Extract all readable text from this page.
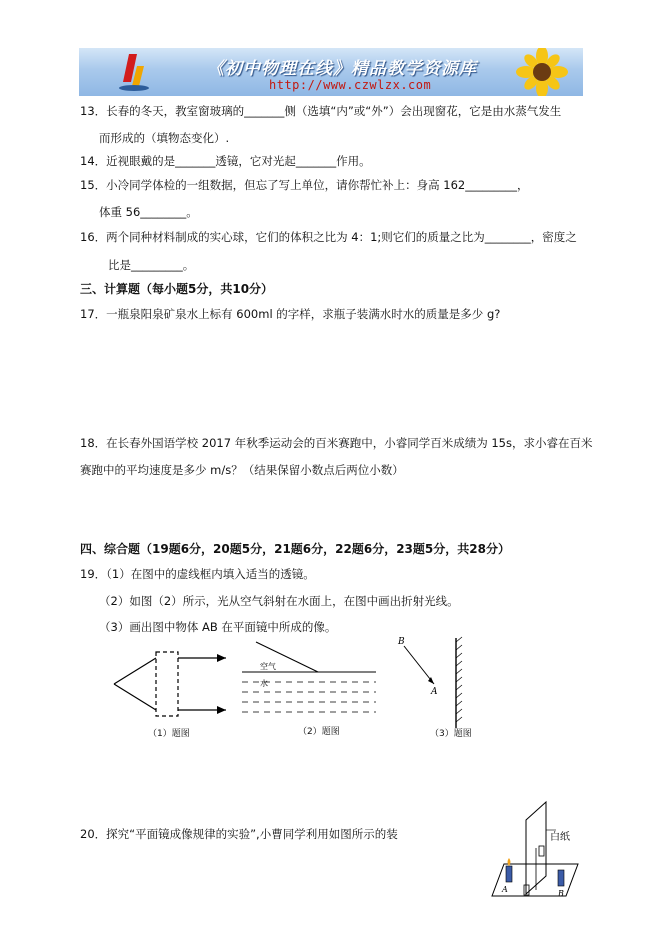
《初中物理在线》精品教学资源库
http://www.czwlzx.com
13．长春的冬天，教室窗玻璃的_______侧（选填“内”或“外”）会出现窗花，它是由水蒸气发生
而形成的（填物态变化）.
14．近视眼戴的是_______透镜，它对光起_______作用。
15．小冷同学体检的一组数据，但忘了写上单位，请你帮忙补上：身高 162_________，
体重 56________。
16．两个同种材料制成的实心球，它们的体积之比为 4：1;则它们的质量之比为________，密度之
比是_________。
三、计算题（每小题5分，共10分）
17．一瓶泉阳泉矿泉水上标有 600ml 的字样，求瓶子装满水时水的质量是多少 g?
18．在长春外国语学校 2017 年秋季运动会的百米赛跑中，小睿同学百米成绩为 15s，求小睿在百米
赛跑中的平均速度是多少 m/s？（结果保留小数点后两位小数）
四、综合题（19题6分，20题5分，21题6分，22题6分，23题5分，共28分）
19．（1）在图中的虚线框内填入适当的透镜。
（2）如图（2）所示，光从空气斜射在水面上，在图中画出折射光线。
（3）画出图中物体 AB 在平面镜中所成的像。
空气
水
B
A
（1）题图	（2）题图	（3）题图
20．探究“平面镜成像规律的实验”,小曹同学利用如图所示的装
A	B
白纸
